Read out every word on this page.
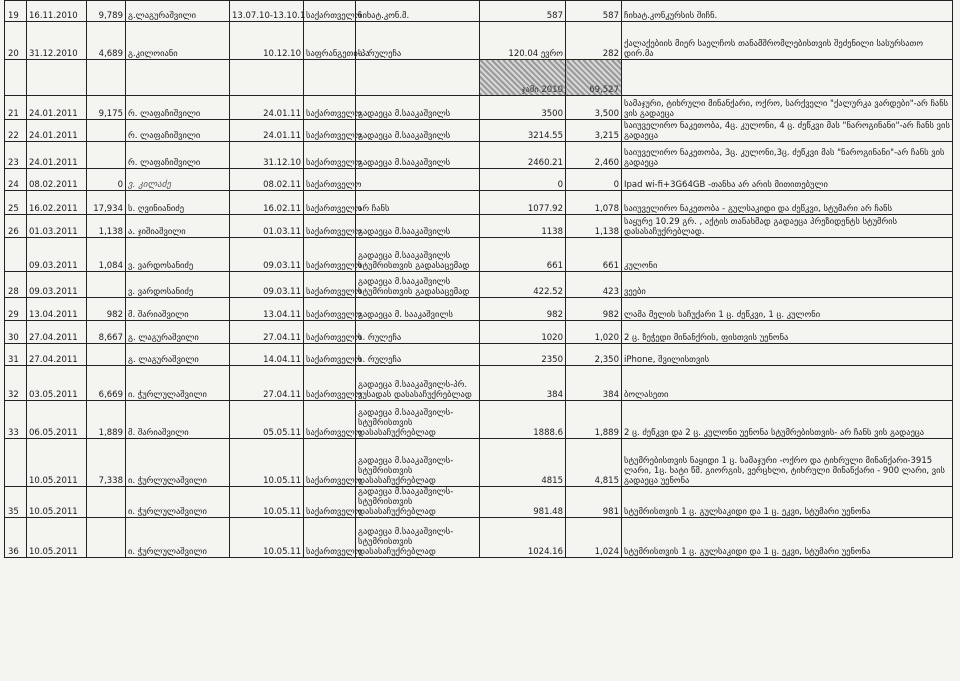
19	16.11.2010	9,789	გ.ლაგურაშვილი	13.07.10-13.10.1	საქართველო	ჩიხატ.კონ.მ.	587	587	ჩიხატ.კონკურსის შიჩნ.
20	31.12.2010	4,689	გ.კილოიანი	10.12.10	საფრანგეთი-პა	ს. რულეჩა	120.04 ევრო	282	ქალაქებიის მიერ საელჩოს თანამშრომლებისთვის შეძენილი სასურსათო დირ.მა
							ჯამი 2010	69,527	
21	24.01.2011	9,175	რ. ლაფაჩიშვილი	24.01.11	საქართველო	გადაეცა მ.სააკაშვილს	3500	3,500	სამაჯური, ტიხრული მინანქარი, ოქრო, სარქველი "ქალურკა ვარდები"-არ ჩანს ვის გადაეცა
22	24.01.2011		რ. ლაფაჩიშვილი	24.01.11	საქართველო	გადაეცა მ.სააკაშვილს	3214.55	3,215	საიუველირო ნაკეთობა, 4ც. კულონი, 4 ც. ძეწკვი მას "ნაროგინანი"-არ ჩანს ვის გადაეცა
23	24.01.2011		რ. ლაფაჩიშვილი	31.12.10	საქართველო	გადაეცა მ.სააკაშვილს	2460.21	2,460	საიუველირო ნაკეთობა, 3ც. კულონი,3ც. ძეწკვი მას "ნაროგინანი"-არ ჩანს ვის გადაეცა
24	08.02.2011	0	ვ. კილაძე	08.02.11	საქართველო		0	0	Ipad wi-fi+3G64GB -თანხა არ არის მითითებული
25	16.02.2011	17,934	ს. ღვინიანიძე	16.02.11	საქართველო	არ ჩანს	1077.92	1,078	საიუველირო ნაკეთობა - გულსაკიდი და ძეწკვი, სტუმარი არ ჩანს
26	01.03.2011	1,138	ა. ჯიშიაშვილი	01.03.11	საქართველო	გადაეცა მ.სააკაშვილს	1138	1,138	საყურე 10.29 გრ. , აქტის თანახმად გადაეცა პრეზიდენტს სტუმრის დასასაჩუქრებლად.
	09.03.2011	1,084	ვ. ვარდოსანიძე	09.03.11	საქართველო	გადაეცა მ.სააკაშვილს სტუმრისთვის გადასაცემად	661	661	კულონი
28	09.03.2011		ვ. ვარდოსანიძე	09.03.11	საქართველო	გადაეცა მ.სააკაშვილს სტუმრისთვის გადასაცემად	422.52	423	ვეები
29	13.04.2011	982	მ. შარიაშვილი	13.04.11	საქართველო	გადაეცა მ. სააკაშვილს	982	982	ლამა მელის საჩუქარი 1 ც. ძეწკვი, 1 ც. კულონი
30	27.04.2011	8,667	გ. ლაგურაშვილი	27.04.11	საქართველო	ს. რულეჩა	1020	1,020	2 ც. ზეჭედი მინანქრის, ფისთვის უენონა
31	27.04.2011		გ. ლაგურაშვილი	14.04.11	საქართველო	ს. რულეჩა	2350	2,350	iPhone, შვილისთვის
32	03.05.2011	6,669	ი. ჭურლულაშვილი	27.04.11	საქართველო	გადაეცა მ.სააკაშვილს-პრ. ვუსადას დასასაჩუქრებლად	384	384	ბოლასეთი
33	06.05.2011	1,889	მ. შარიაშვილი	05.05.11	საქართველო	გადაეცა მ.სააკაშვილს-სტუმრისთვის დასასაჩუქრებლად	1888.6	1,889	2 ც. ძეწკვი და 2 ც. კულონი უენონა სტუმრებისთვის- არ ჩანს ვის გადაეცა
	10.05.2011	7,338	ი. ჭურლულაშვილი	10.05.11	საქართველო	გადაეცა მ.სააკაშვილს-სტუმრისთვის დასასაჩუქრებლად	4815	4,815	სტუმრებისთვის ნაყიდი 1 ც. სამაჯური -ოქრო და ტიხრული მინანქარი-3915 ლარი, 1ც. ხატი წმ. გიორგის, ვერცხლი, ტიხრული მინანქარი - 900 ლარი, ვის გადაეცა უენონა
35	10.05.2011		ი. ჭურლულაშვილი	10.05.11	საქართველო	გადაეცა მ.სააკაშვილს-სტუმრისთვის დასასაჩუქრებლად	981.48	981	სტუმრისთვის 1 ც. გულსაკიდი და 1 ც. ეკვი, სტუმარი უენონა
36	10.05.2011		ი. ჭურლულაშვილი	10.05.11	საქართველო	გადაეცა მ.სააკაშვილს-სტუმრისთვის დასასაჩუქრებლად	1024.16	1,024	სტუმრისთვის 1 ც. გულსაკიდი და 1 ც. ეკვი, სტუმარი უენონა
